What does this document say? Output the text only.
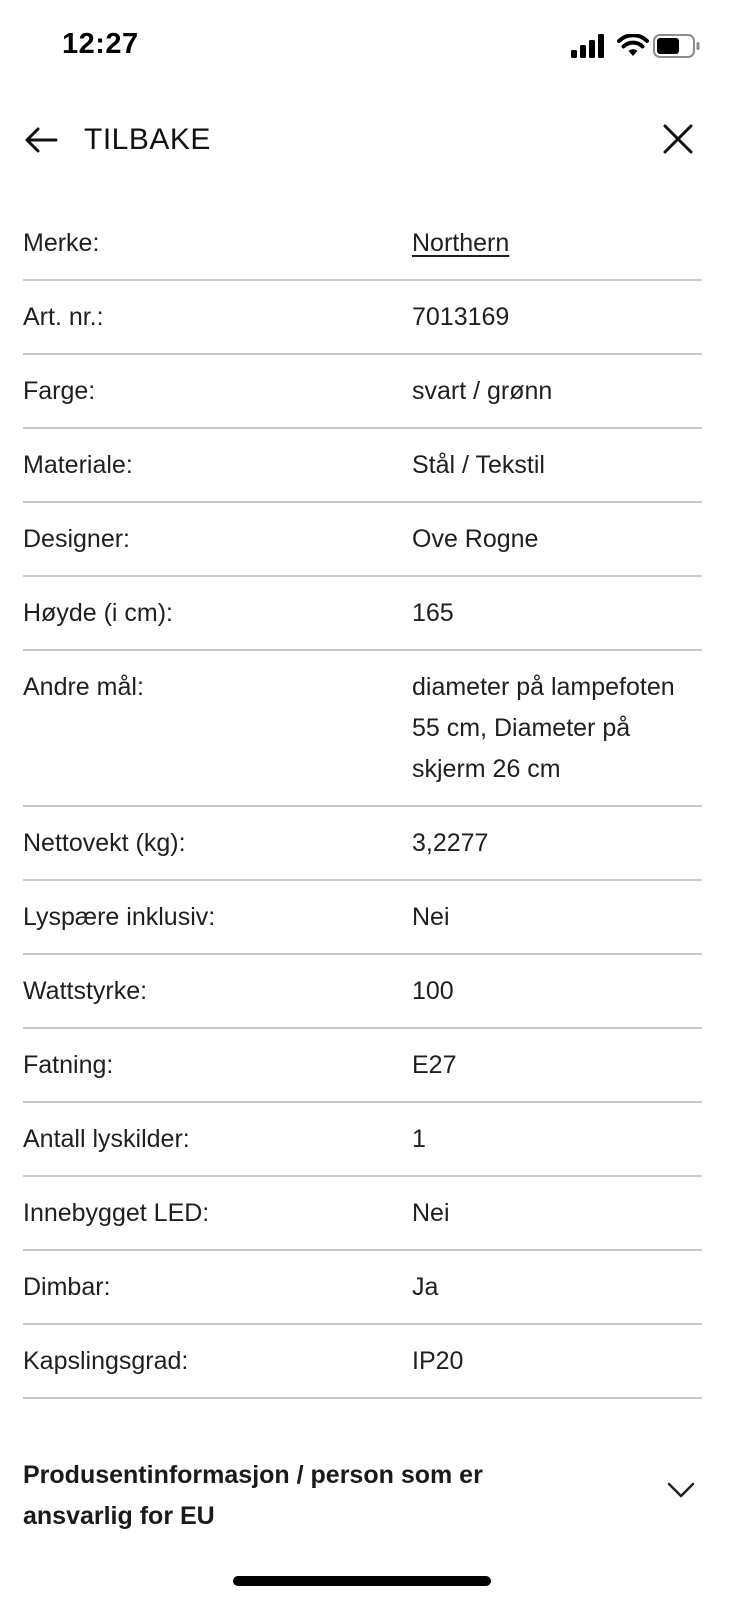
12:27
TILBAKE
Merke:	Northern
Art. nr.:	7013169
Farge:	svart / grønn
Materiale:	Stål / Tekstil
Designer:	Ove Rogne
Høyde (i cm):	165
Andre mål:	diameter på lampefoten 55 cm, Diameter på skjerm 26 cm
Nettovekt (kg):	3,2277
Lyspære inklusiv:	Nei
Wattstyrke:	100
Fatning:	E27
Antall lyskilder:	1
Innebygget LED:	Nei
Dimbar:	Ja
Kapslingsgrad:	IP20
Produsentinformasjon / person som er ansvarlig for EU
